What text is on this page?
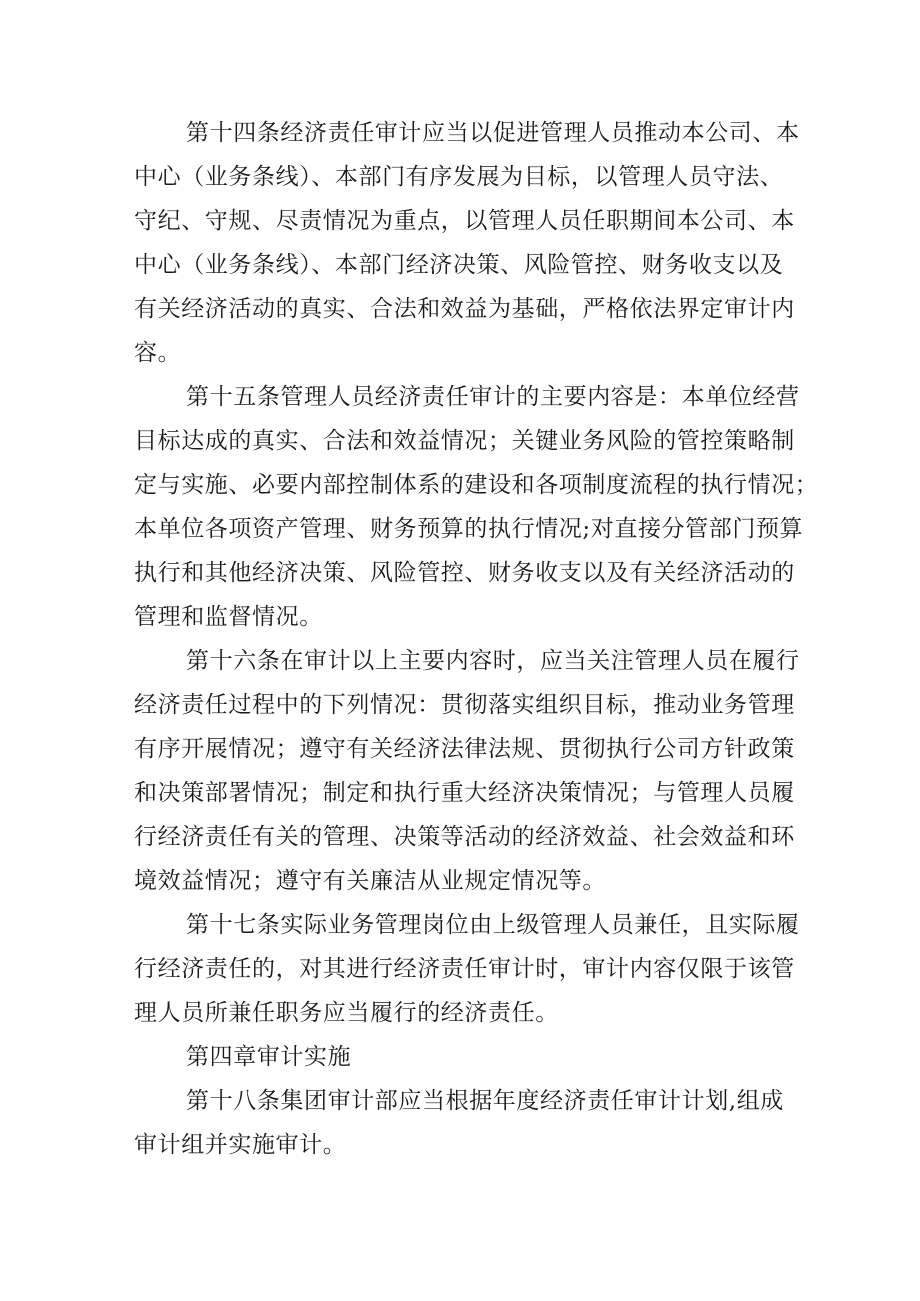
第十四条经济责任审计应当以促进管理人员推动本公司、本
中心（业务条线）、本部门有序发展为目标，以管理人员守法、
守纪、守规、尽责情况为重点，以管理人员任职期间本公司、本
中心（业务条线）、本部门经济决策、风险管控、财务收支以及
有关经济活动的真实、合法和效益为基础，严格依法界定审计内
容。
第十五条管理人员经济责任审计的主要内容是：本单位经营
目标达成的真实、合法和效益情况；关键业务风险的管控策略制
定与实施、必要内部控制体系的建设和各项制度流程的执行情况；
本单位各项资产管理、财务预算的执行情况;对直接分管部门预算
执行和其他经济决策、风险管控、财务收支以及有关经济活动的
管理和监督情况。
第十六条在审计以上主要内容时，应当关注管理人员在履行
经济责任过程中的下列情况：贯彻落实组织目标，推动业务管理
有序开展情况；遵守有关经济法律法规、贯彻执行公司方针政策
和决策部署情况；制定和执行重大经济决策情况；与管理人员履
行经济责任有关的管理、决策等活动的经济效益、社会效益和环
境效益情况；遵守有关廉洁从业规定情况等。
第十七条实际业务管理岗位由上级管理人员兼任，且实际履
行经济责任的，对其进行经济责任审计时，审计内容仅限于该管
理人员所兼任职务应当履行的经济责任。
第四章审计实施
第十八条集团审计部应当根据年度经济责任审计计划,组成
审计组并实施审计。
